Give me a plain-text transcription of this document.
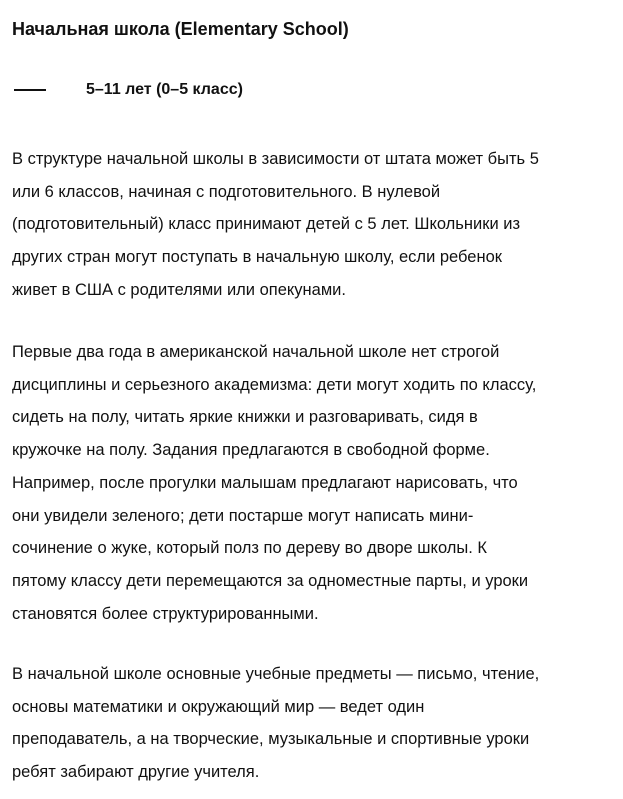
Начальная школа (Elementary School)
5–11 лет (0–5 класс)

В структуре начальной школы в зависимости от штата может быть 5
или 6 классов, начиная с подготовительного. В нулевой
(подготовительный) класс принимают детей с 5 лет. Школьники из
других стран могут поступать в начальную школу, если ребенок
живет в США с родителями или опекунами.

Первые два года в американской начальной школе нет строгой
дисциплины и серьезного академизма: дети могут ходить по классу,
сидеть на полу, читать яркие книжки и разговаривать, сидя в
кружочке на полу. Задания предлагаются в свободной форме.
Например, после прогулки малышам предлагают нарисовать, что
они увидели зеленого; дети постарше могут написать мини-
сочинение о жуке, который полз по дереву во дворе школы. К
пятому классу дети перемещаются за одноместные парты, и уроки
становятся более структурированными.

В начальной школе основные учебные предметы — письмо, чтение,
основы математики и окружающий мир — ведет один
преподаватель, а на творческие, музыкальные и спортивные уроки
ребят забирают другие учителя.
